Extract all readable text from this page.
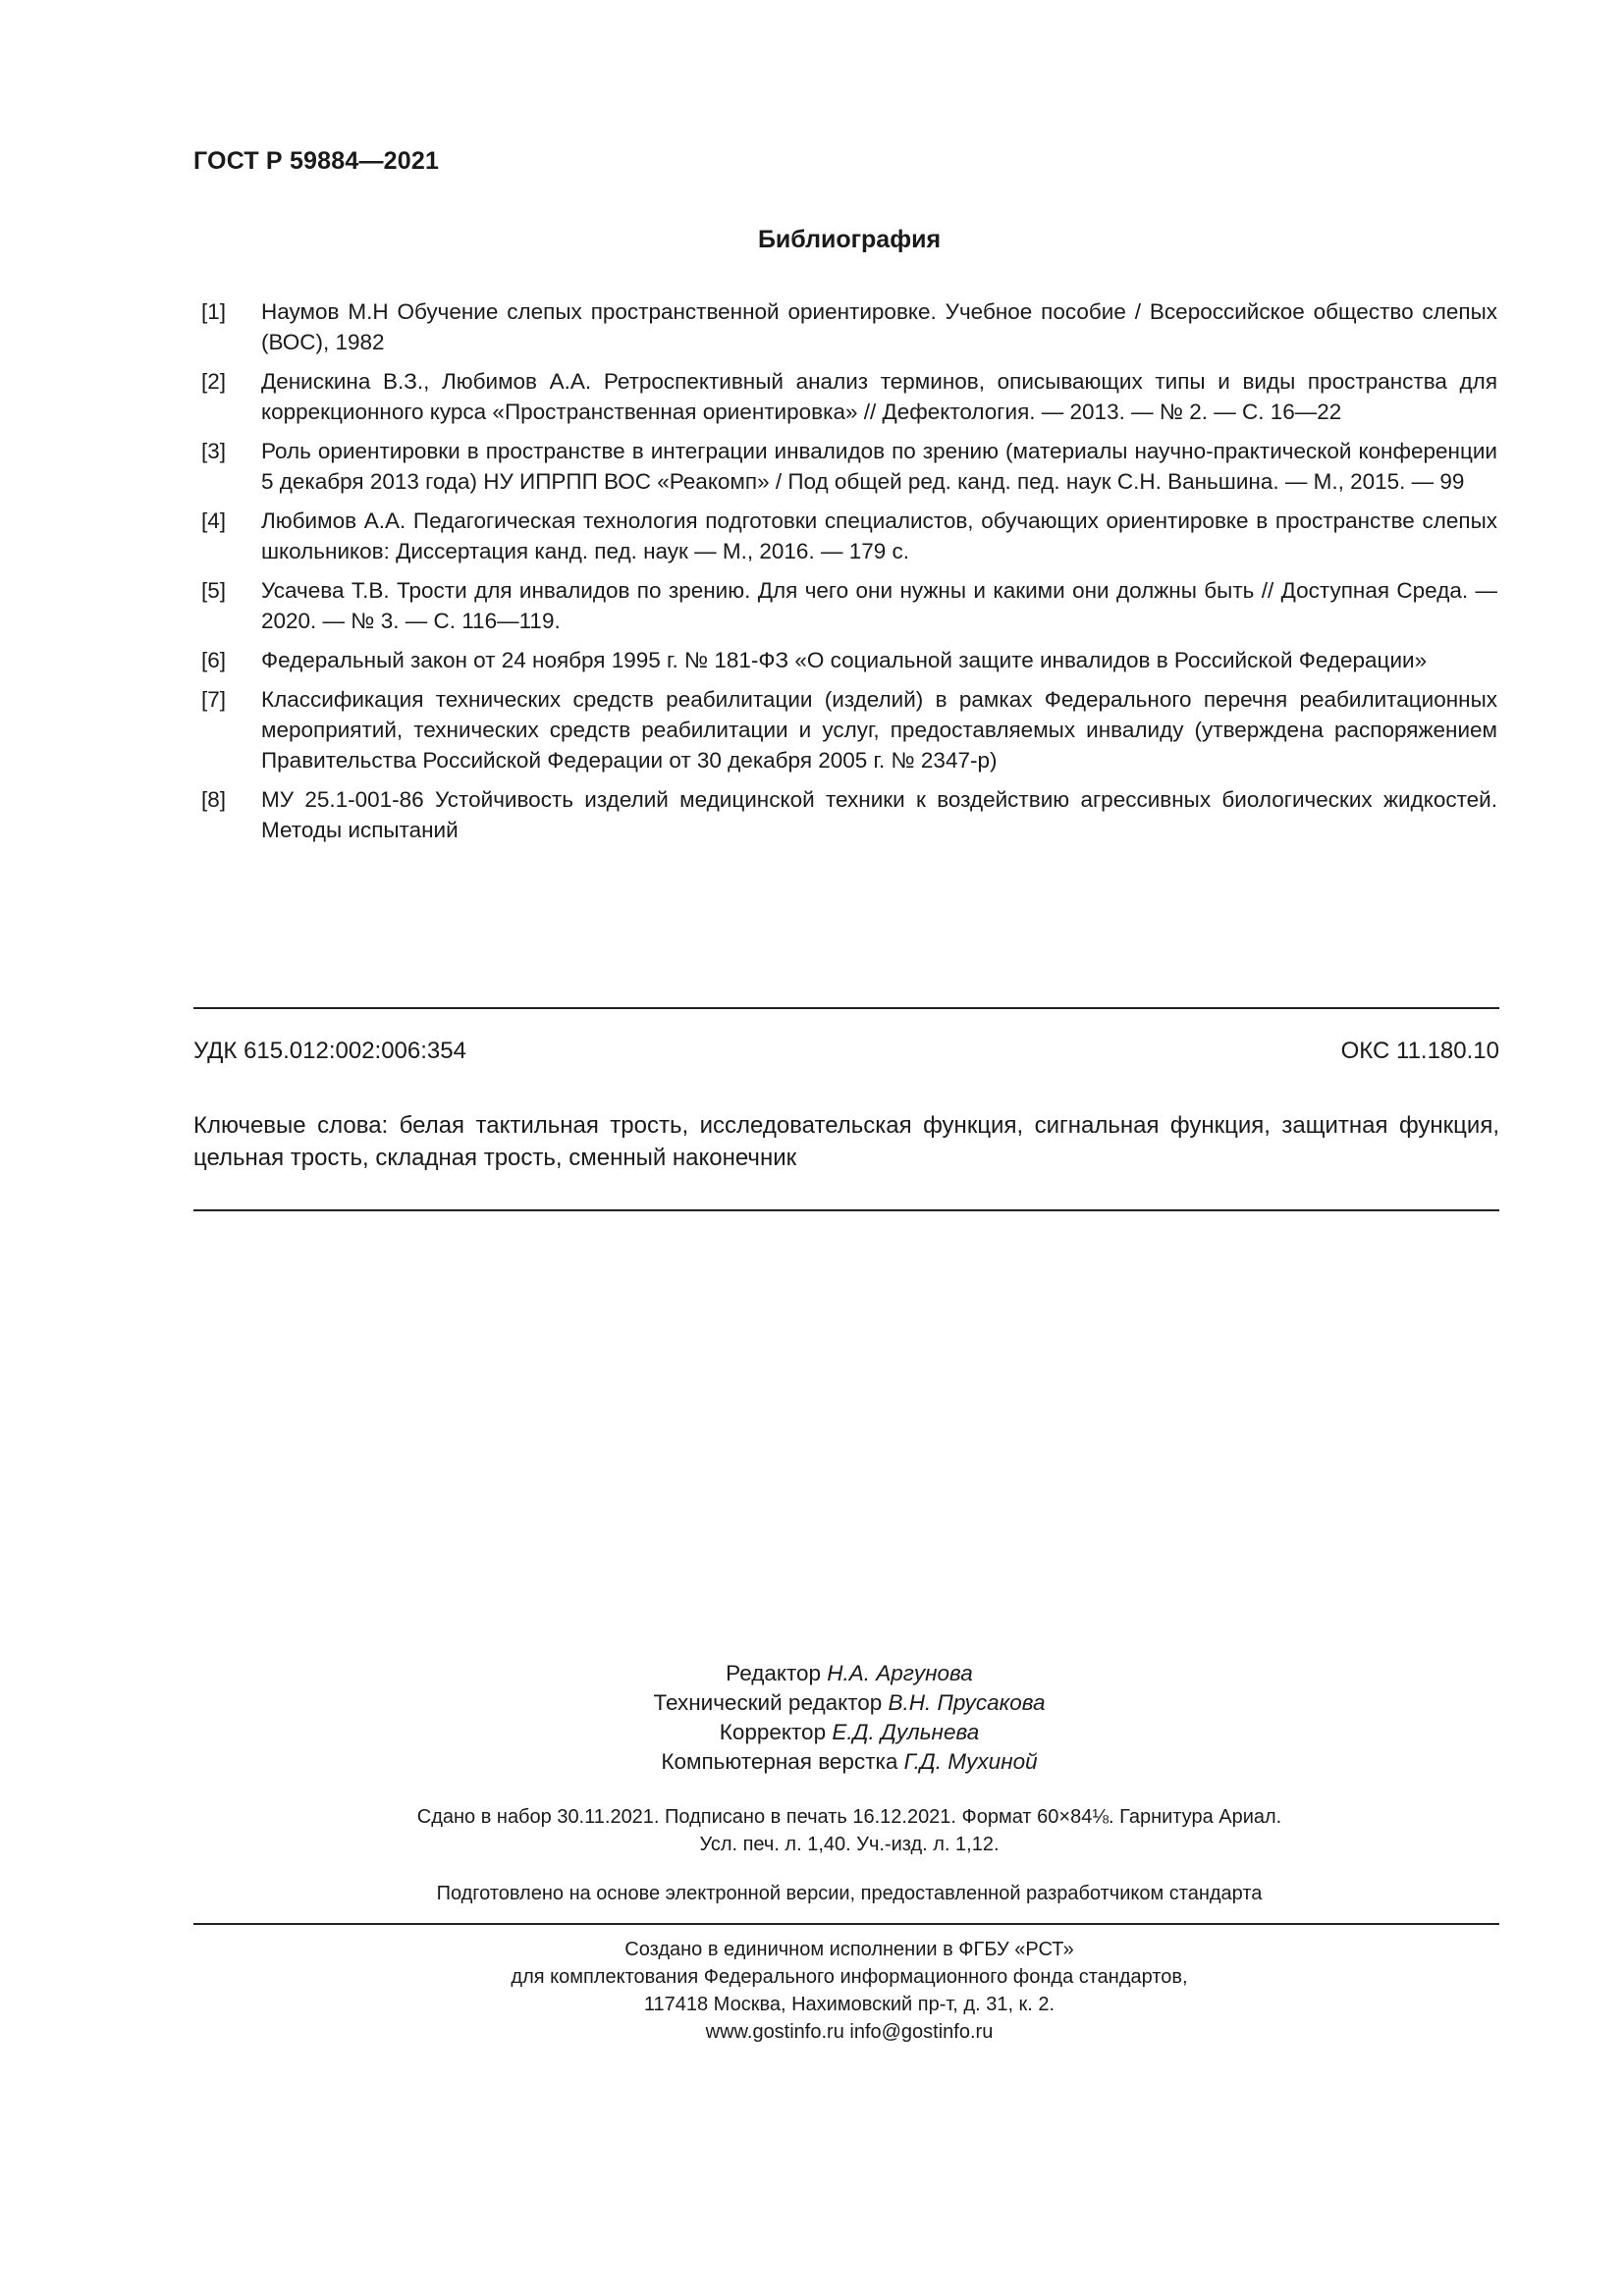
ГОСТ Р 59884—2021
Библиография
[1]	Наумов М.Н Обучение слепых пространственной ориентировке. Учебное пособие / Всероссийское общество слепых (ВОС), 1982
[2]	Денискина В.З., Любимов А.А. Ретроспективный анализ терминов, описывающих типы и виды пространства для коррекционного курса «Пространственная ориентировка» // Дефектология. — 2013. — № 2. — С. 16—22
[3]	Роль ориентировки в пространстве в интеграции инвалидов по зрению (материалы научно-практической конференции 5 декабря 2013 года) НУ ИПРПП ВОС «Реакомп» / Под общей ред. канд. пед. наук С.Н. Ваньшина. — М., 2015. — 99
[4]	Любимов А.А. Педагогическая технология подготовки специалистов, обучающих ориентировке в пространстве слепых школьников: Диссертация канд. пед. наук — М., 2016. — 179 с.
[5]	Усачева Т.В. Трости для инвалидов по зрению. Для чего они нужны и какими они должны быть // Доступная Среда. — 2020. — № 3. — С. 116—119.
[6]	Федеральный закон от 24 ноября 1995 г. № 181-ФЗ «О социальной защите инвалидов в Российской Федерации»
[7]	Классификация технических средств реабилитации (изделий) в рамках Федерального перечня реабилитационных мероприятий, технических средств реабилитации и услуг, предоставляемых инвалиду (утверждена распоряжением Правительства Российской Федерации от 30 декабря 2005 г. № 2347-р)
[8]	МУ 25.1-001-86 Устойчивость изделий медицинской техники к воздействию агрессивных биологических жидкостей. Методы испытаний
УДК 615.012:002:006:354	ОКС 11.180.10
Ключевые слова: белая тактильная трость, исследовательская функция, сигнальная функция, защитная функция, цельная трость, складная трость, сменный наконечник
Редактор Н.А. Аргунова
Технический редактор В.Н. Прусакова
Корректор Е.Д. Дульнева
Компьютерная верстка Г.Д. Мухиной
Сдано в набор 30.11.2021. Подписано в печать 16.12.2021. Формат 60×84⅛. Гарнитура Ариал.
Усл. печ. л. 1,40. Уч.-изд. л. 1,12.
Подготовлено на основе электронной версии, предоставленной разработчиком стандарта
Создано в единичном исполнении в ФГБУ «РСТ»
для комплектования Федерального информационного фонда стандартов,
117418 Москва, Нахимовский пр-т, д. 31, к. 2.
www.gostinfo.ru info@gostinfo.ru
